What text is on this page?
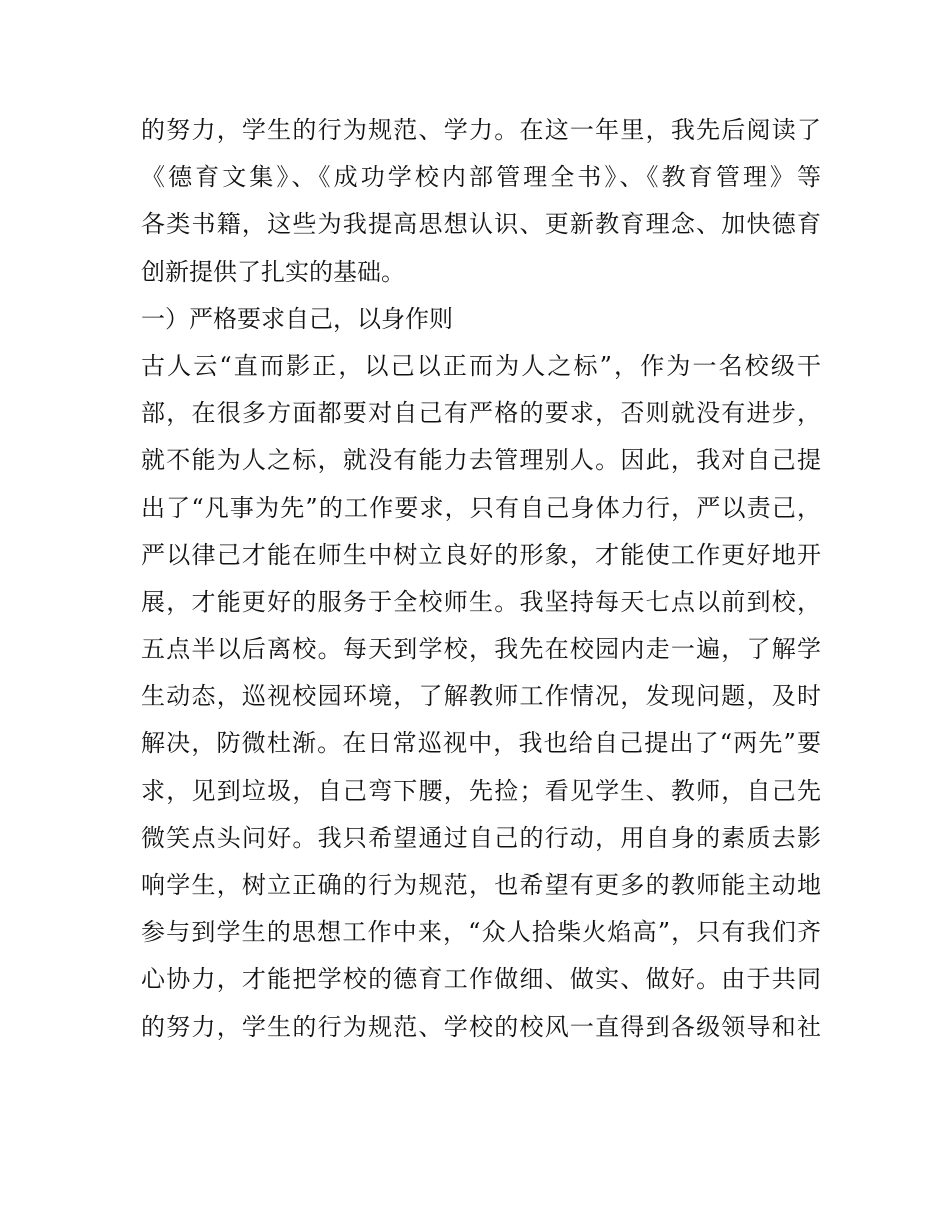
的努力，学生的行为规范、学力。在这一年里，我先后阅读了
《德育文集》、《成功学校内部管理全书》、《教育管理》等
各类书籍，这些为我提高思想认识、更新教育理念、加快德育
创新提供了扎实的基础。
一）严格要求自己，以身作则
古人云“直而影正，以己以正而为人之标”，作为一名校级干
部，在很多方面都要对自己有严格的要求，否则就没有进步，
就不能为人之标，就没有能力去管理别人。因此，我对自己提
出了“凡事为先”的工作要求，只有自己身体力行，严以责己，
严以律己才能在师生中树立良好的形象，才能使工作更好地开
展，才能更好的服务于全校师生。我坚持每天七点以前到校，
五点半以后离校。每天到学校，我先在校园内走一遍，了解学
生动态，巡视校园环境，了解教师工作情况，发现问题，及时
解决，防微杜渐。在日常巡视中，我也给自己提出了“两先”要
求，见到垃圾，自己弯下腰，先捡；看见学生、教师，自己先
微笑点头问好。我只希望通过自己的行动，用自身的素质去影
响学生，树立正确的行为规范，也希望有更多的教师能主动地
参与到学生的思想工作中来，“众人拾柴火焰高”，只有我们齐
心协力，才能把学校的德育工作做细、做实、做好。由于共同
的努力，学生的行为规范、学校的校风一直得到各级领导和社
